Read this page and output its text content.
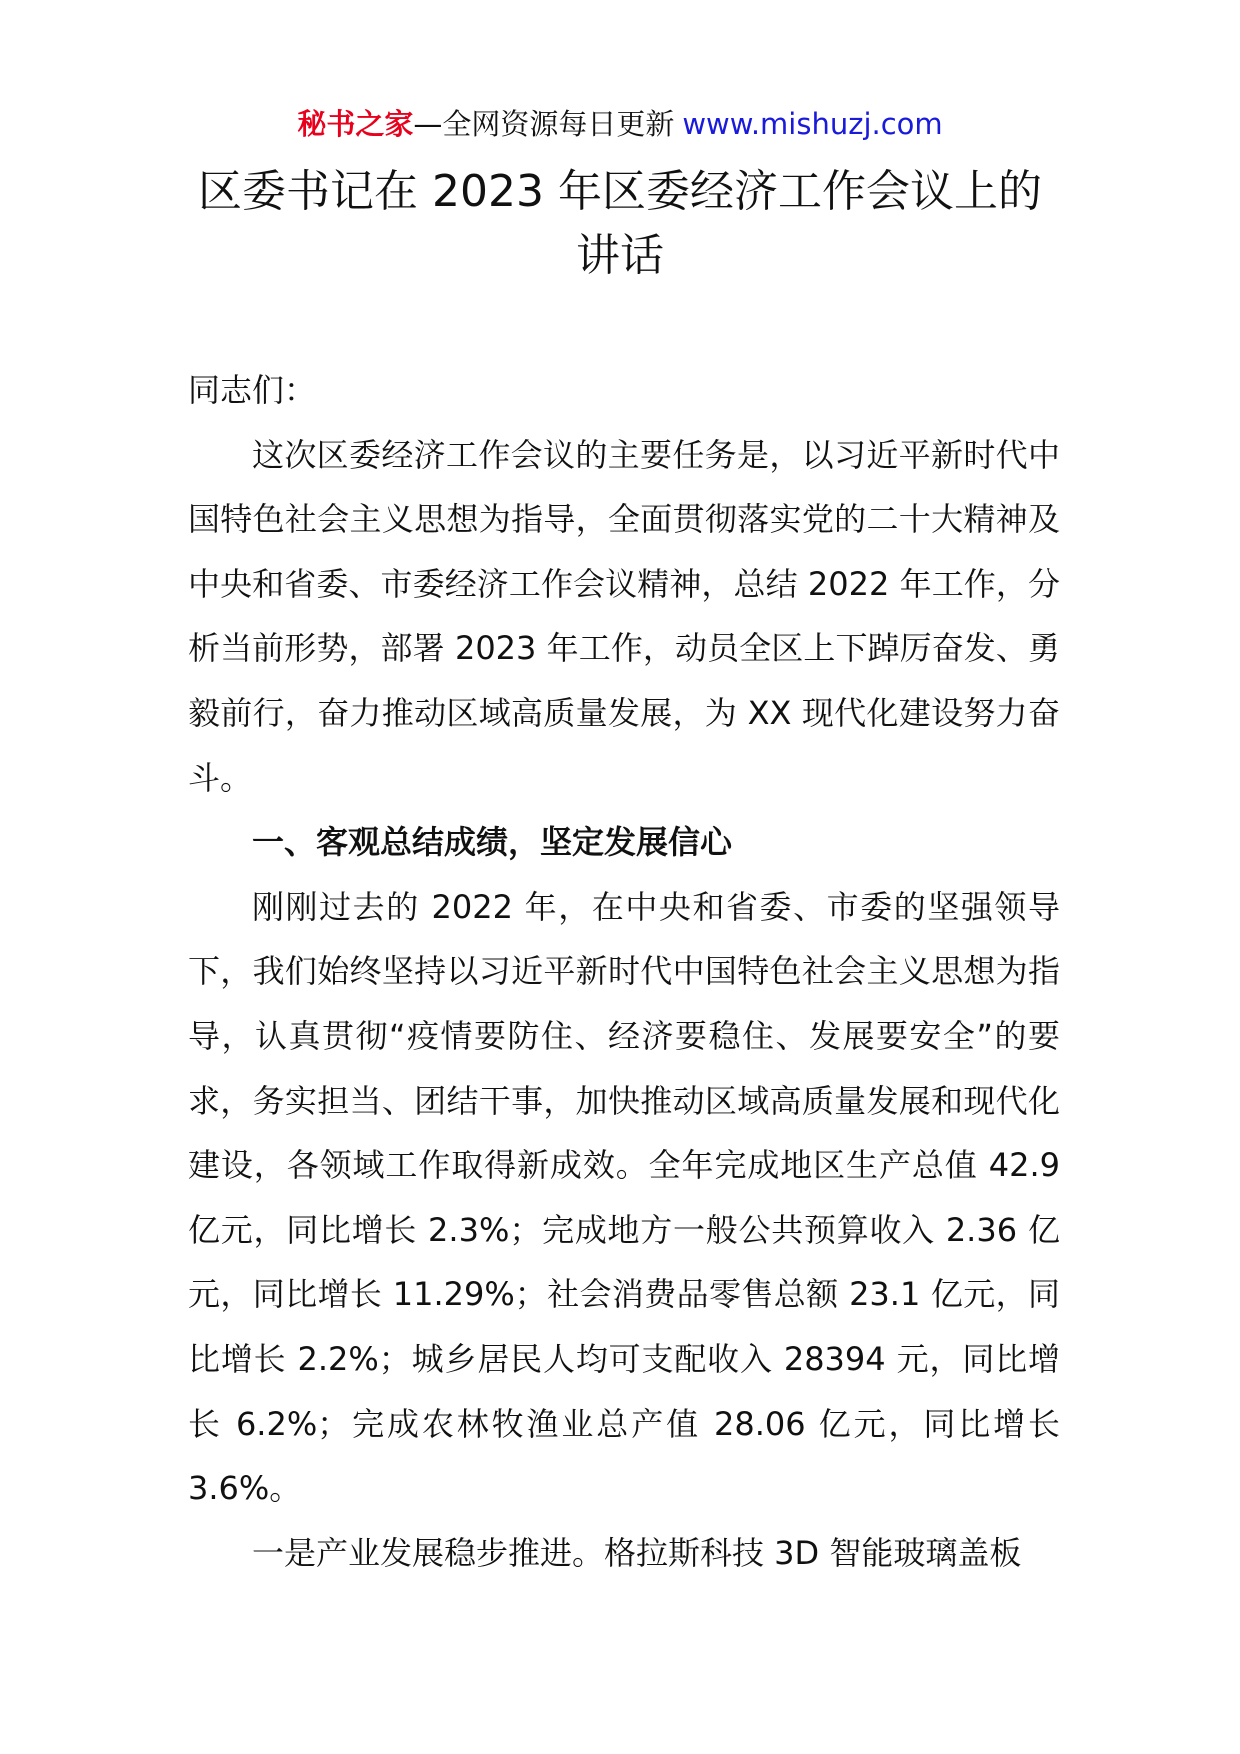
秘书之家—全网资源每日更新 www.mishuzj.com
区委书记在 2023 年区委经济工作会议上的
讲话

同志们：

这次区委经济工作会议的主要任务是，以习近平新时代中国特色社会主义思想为指导，全面贯彻落实党的二十大精神及中央和省委、市委经济工作会议精神，总结 2022 年工作，分析当前形势，部署 2023 年工作，动员全区上下踔厉奋发、勇毅前行，奋力推动区域高质量发展，为 XX 现代化建设努力奋斗。

一、客观总结成绩，坚定发展信心

刚刚过去的 2022 年，在中央和省委、市委的坚强领导下，我们始终坚持以习近平新时代中国特色社会主义思想为指导，认真贯彻“疫情要防住、经济要稳住、发展要安全”的要求，务实担当、团结干事，加快推动区域高质量发展和现代化建设，各领域工作取得新成效。全年完成地区生产总值 42.9 亿元，同比增长 2.3%；完成地方一般公共预算收入 2.36 亿元，同比增长 11.29%；社会消费品零售总额 23.1 亿元，同比增长 2.2%；城乡居民人均可支配收入 28394 元，同比增长 6.2%；完成农林牧渔业总产值 28.06 亿元，同比增长 3.6%。

一是产业发展稳步推进。格拉斯科技 3D 智能玻璃盖板
